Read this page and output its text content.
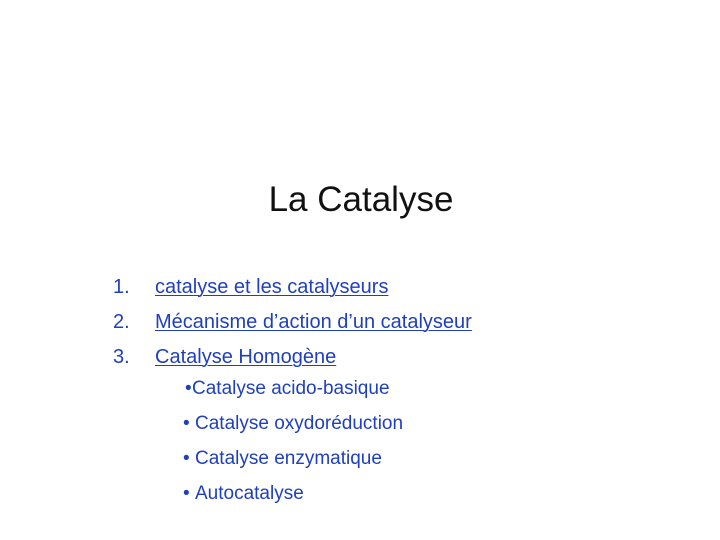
La Catalyse
1. catalyse et les catalyseurs
2. Mécanisme d’action d’un catalyseur
3. Catalyse Homogène
•Catalyse acido-basique
• Catalyse oxydoréduction
• Catalyse enzymatique
• Autocatalyse
